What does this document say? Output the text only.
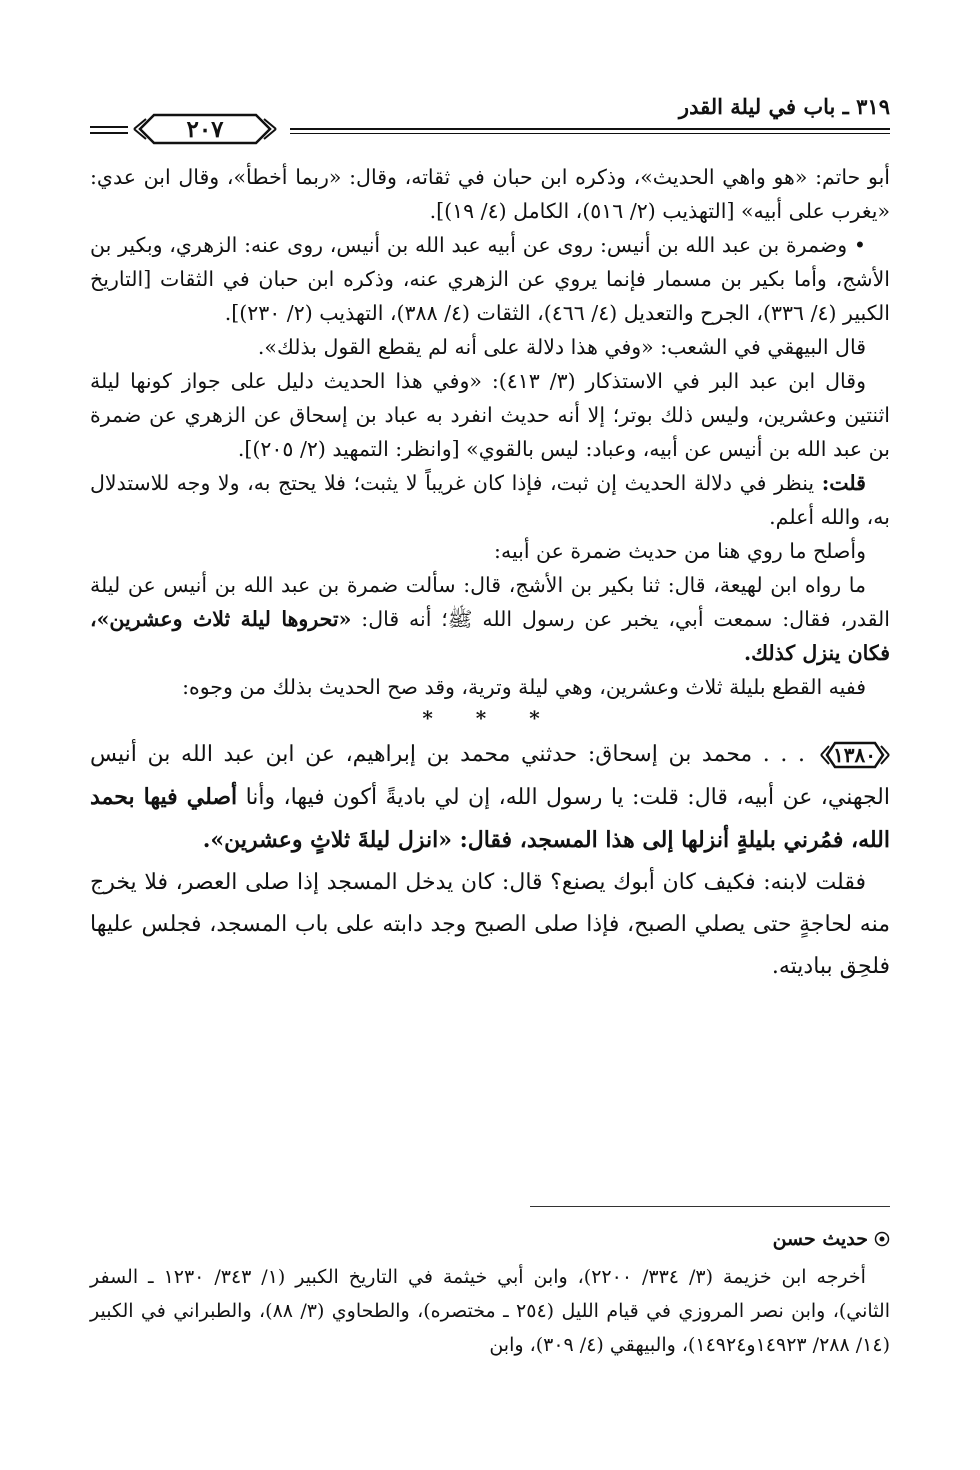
٣١٩ ـ باب في ليلة القدر
٢٠٧

أبو حاتم: «هو واهي الحديث»، وذكره ابن حبان في ثقاته، وقال: «ربما أخطأ»، وقال ابن عدي: «يغرب على أبيه» [التهذيب (٢/ ٥١٦)، الكامل (٤/ ١٩)].

• وضمرة بن عبد الله بن أنيس: روى عن أبيه عبد الله بن أنيس، روى عنه: الزهري، وبكير بن الأشج، وأما بكير بن مسمار فإنما يروي عن الزهري عنه، وذكره ابن حبان في الثقات [التاريخ الكبير (٤/ ٣٣٦)، الجرح والتعديل (٤/ ٤٦٦)، الثقات (٤/ ٣٨٨)، التهذيب (٢/ ٢٣٠)].

قال البيهقي في الشعب: «وفي هذا دلالة على أنه لم يقطع القول بذلك».

وقال ابن عبد البر في الاستذكار (٣/ ٤١٣): «وفي هذا الحديث دليل على جواز كونها ليلة اثنتين وعشرين، وليس ذلك بوتر؛ إلا أنه حديث انفرد به عباد بن إسحاق عن الزهري عن ضمرة بن عبد الله بن أنيس عن أبيه، وعباد: ليس بالقوي» [وانظر: التمهيد (٢/ ٢٠٥)].

قلت: ينظر في دلالة الحديث إن ثبت، فإذا كان غريباً لا يثبت؛ فلا يحتج به، ولا وجه للاستدلال به، والله أعلم.

وأصلح ما روي هنا من حديث ضمرة عن أبيه:

ما رواه ابن لهيعة، قال: ثنا بكير بن الأشج، قال: سألت ضمرة بن عبد الله بن أنيس عن ليلة القدر، فقال: سمعت أبي، يخبر عن رسول الله ﷺ؛ أنه قال: «تحروها ليلة ثلاث وعشرين»، فكان ينزل كذلك.

ففيه القطع بليلة ثلاث وعشرين، وهي ليلة وترية، وقد صح الحديث بذلك من وجوه:

* * *

١٣٨٠. . . محمد بن إسحاق: حدثني محمد بن إبراهيم، عن ابن عبد الله بن أنيس الجهني، عن أبيه، قال: قلت: يا رسول الله، إن لي باديةً أكون فيها، وأنا أصلي فيها بحمد الله، فمُرني بليلةٍ أنزلها إلى هذا المسجد، فقال: «انزل ليلةَ ثلاثٍ وعشرين».

فقلت لابنه: فكيف كان أبوك يصنع؟ قال: كان يدخل المسجد إذا صلى العصر، فلا يخرج منه لحاجةٍ حتى يصلي الصبح، فإذا صلى الصبح وجد دابته على باب المسجد، فجلس عليها فلحِق بباديته.

حديث حسن

أخرجه ابن خزيمة (٣/ ٣٣٤/ ٢٢٠٠)، وابن أبي خيثمة في التاريخ الكبير (١/ ٣٤٣/ ١٢٣٠ ـ السفر الثاني)، وابن نصر المروزي في قيام الليل (٢٥٤ ـ مختصره)، والطحاوي (٣/ ٨٨)، والطبراني في الكبير (١٤/ ٢٨٨/ ١٤٩٢٣و١٤٩٢٤)، والبيهقي (٤/ ٣٠٩)، وابن
